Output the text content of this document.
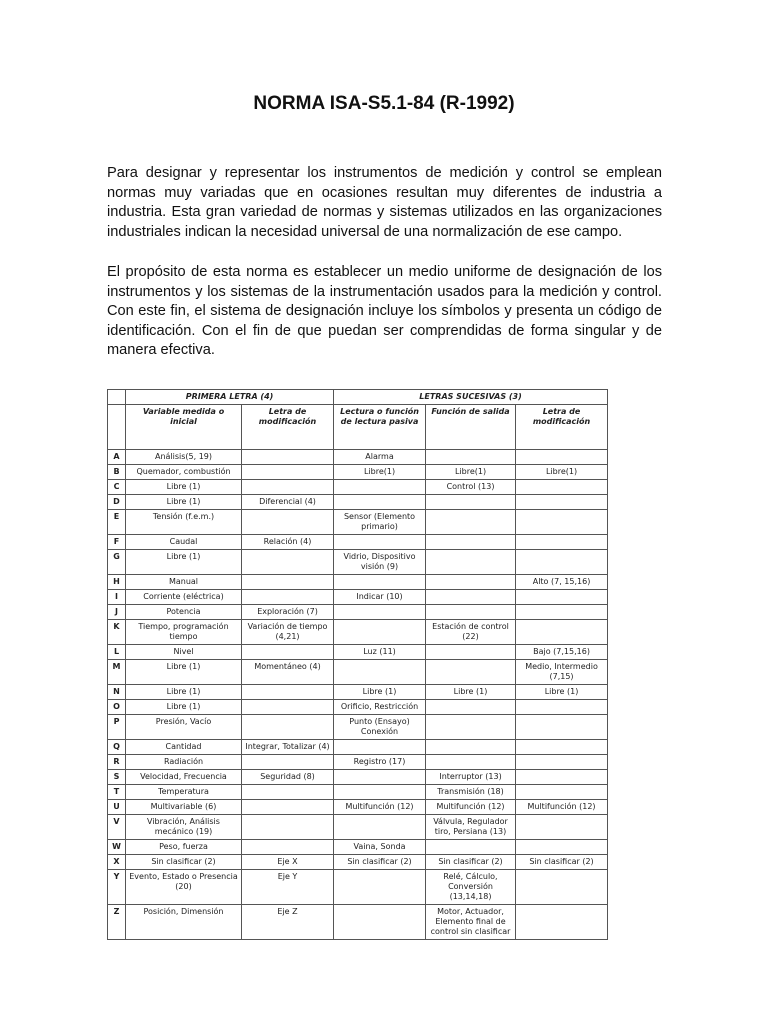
NORMA ISA-S5.1-84 (R-1992)
Para designar y representar los instrumentos de medición y control se emplean normas muy variadas que en ocasiones resultan muy diferentes de industria a industria. Esta gran variedad de normas y sistemas utilizados en las organizaciones industriales indican la necesidad universal de una normalización de ese campo.
El propósito de esta norma es establecer un medio uniforme de designación de los instrumentos y los sistemas de la instrumentación usados para la medición y control. Con este fin, el sistema de designación incluye los símbolos y presenta un código de identificación. Con el fin de que puedan ser comprendidas de forma singular y de manera efectiva.
	PRIMERA LETRA (4)		LETRAS SUCESIVAS (3)		
	Variable medida o inicial	Letra de modificación	Lectura o función de lectura pasiva	Función de salida	Letra de modificación
A	Análisis(5, 19)		Alarma		
B	Quemador, combustión		Libre(1)	Libre(1)	Libre(1)
C	Libre (1)			Control (13)	
D	Libre (1)	Diferencial (4)			
E	Tensión (f.e.m.)		Sensor (Elemento primario)		
F	Caudal	Relación (4)			
G	Libre (1)		Vidrio, Dispositivo visión (9)		
H	Manual				Alto (7, 15,16)
I	Corriente (eléctrica)		Indicar (10)		
J	Potencia	Exploración (7)			
K	Tiempo, programación tiempo	Variación de tiempo (4,21)		Estación de control (22)	
L	Nivel		Luz (11)		Bajo (7,15,16)
M	Libre (1)	Momentáneo (4)			Medio, Intermedio (7,15)
N	Libre (1)		Libre (1)	Libre (1)	Libre (1)
O	Libre (1)		Orificio, Restricción		
P	Presión, Vacío		Punto (Ensayo) Conexión		
Q	Cantidad	Integrar, Totalizar (4)			
R	Radiación		Registro (17)		
S	Velocidad, Frecuencia	Seguridad (8)		Interruptor (13)	
T	Temperatura			Transmisión (18)	
U	Multivariable (6)		Multifunción (12)	Multifunción (12)	Multifunción (12)
V	Vibración, Análisis mecánico (19)			Válvula, Regulador tiro, Persiana (13)	
W	Peso, fuerza		Vaina, Sonda		
X	Sin clasificar (2)	Eje X	Sin clasificar (2)	Sin clasificar (2)	Sin clasificar (2)
Y	Evento, Estado o Presencia (20)	Eje Y		Relé, Cálculo, Conversión (13,14,18)	
Z	Posición, Dimensión	Eje Z		Motor, Actuador, Elemento final de control sin clasificar	
